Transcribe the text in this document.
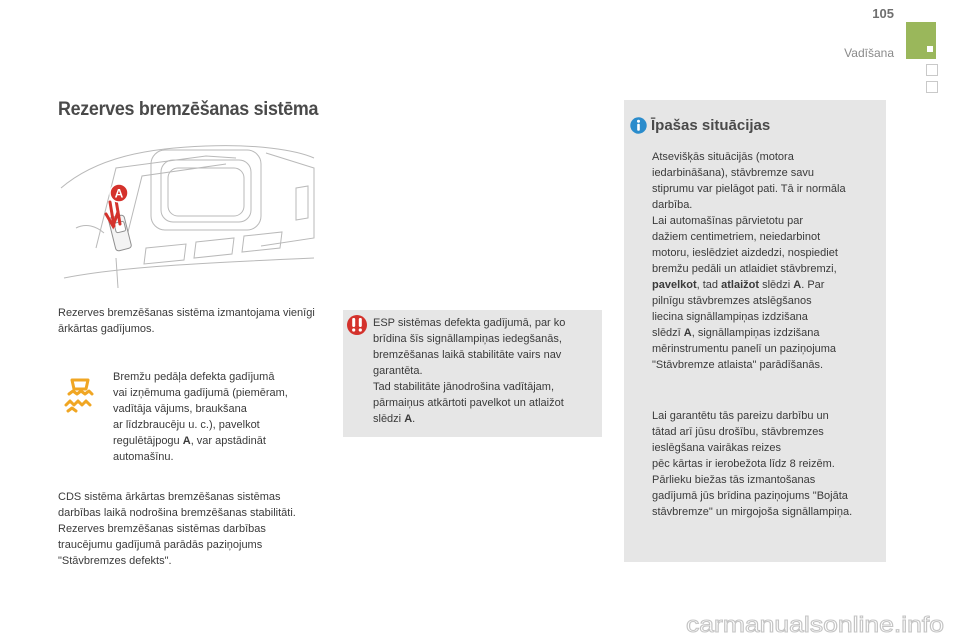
105
Vadīšana
Rezerves bremzēšanas sistēma
A
Rezerves bremzēšanas sistēma izmantojama vienīgi ārkārtas gadījumos.
Bremžu pedāļa defekta gadījumā
vai izņēmuma gadījumā (piemēram,
vadītāja vājums, braukšana
ar līdzbraucēju u. c.), pavelkot
regulētājpogu A, var apstādināt
automašīnu.
CDS sistēma ārkārtas bremzēšanas sistēmas
darbības laikā nodrošina bremzēšanas stabilitāti.
Rezerves bremzēšanas sistēmas darbības
traucējumu gadījumā parādās paziņojums
"Stāvbremzes defekts".
ESP sistēmas defekta gadījumā, par ko
brīdina šīs signāllampiņas iedegšanās,
bremzēšanas laikā stabilitāte vairs nav
garantēta.
Tad stabilitāte jānodrošina vadītājam,
pārmaiņus atkārtoti pavelkot un atlaižot
slēdzi A.
Īpašas situācijas
Atsevišķās situācijās (motora
iedarbināšana), stāvbremze savu
stiprumu var pielāgot pati. Tā ir normāla
darbība.
Lai automašīnas pārvietotu par
dažiem centimetriem, neiedarbinot
motoru, ieslēdziet aizdedzi, nospiediet
bremžu pedāli un atlaidiet stāvbremzi,
pavelkot, tad atlaižot slēdzi A. Par
pilnīgu stāvbremzes atslēgšanos
liecina signāllampiņas izdzišana
slēdzī A, signāllampiņas izdzišana
mērinstrumentu panelī un paziņojuma
"Stāvbremze atlaista" parādīšanās.
Lai garantētu tās pareizu darbību un
tātad arī jūsu drošību, stāvbremzes
ieslēgšana vairākas reizes
pēc kārtas ir ierobežota līdz 8 reizēm.
Pārlieku biežas tās izmantošanas
gadījumā jūs brīdina paziņojums "Bojāta
stāvbremze" un mirgojoša signāllampiņa.
carmanualsonline.info
